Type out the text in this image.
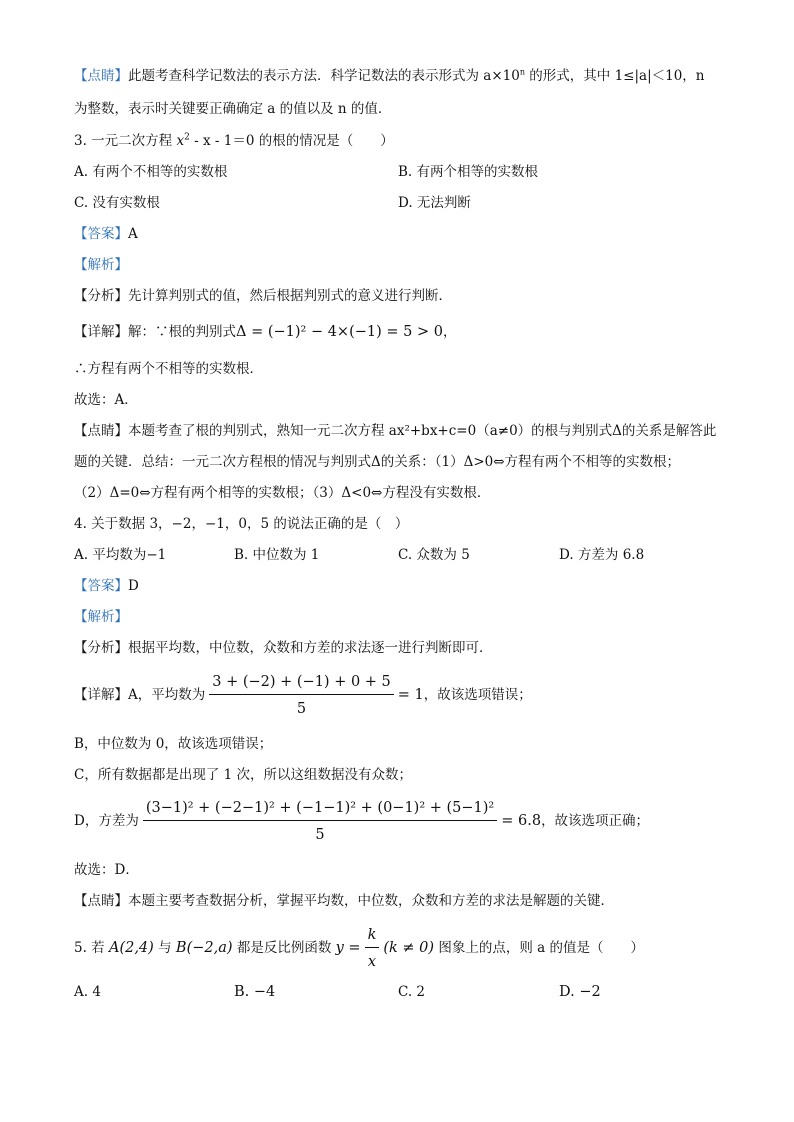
【点睛】此题考查科学记数法的表示方法．科学记数法的表示形式为 $a\times 10^n$ 的形式，其中 1≤|a|＜10，n
为整数，表示时关键要正确确定 a 的值以及 n 的值．
3. 一元二次方程 $x^2 - x - 1=0$ 的根的情况是（　　）
A. 有两个不相等的实数根	B. 有两个相等的实数根
C. 没有实数根	D. 无法判断
【答案】A
【解析】
【分析】先计算判别式的值，然后根据判别式的意义进行判断．
【详解】解：∵根的判别式Δ = (−1)² − 4×(−1) = 5 > 0，
∴方程有两个不相等的实数根．
故选：A．
【点睛】本题考查了根的判别式，熟知一元二次方程 ax²+bx+c=0（a≠0）的根与判别式Δ的关系是解答此
题的关键．总结：一元二次方程根的情况与判别式Δ的关系：（1）Δ>0⇔方程有两个不相等的实数根；
（2）Δ=0⇔方程有两个相等的实数根；（3）Δ<0⇔方程没有实数根．
4. 关于数据 3，−2，−1，0，5 的说法正确的是（　）
A. 平均数为−1	B. 中位数为 1	C. 众数为 5	D. 方差为 6.8
【答案】D
【解析】
【分析】根据平均数，中位数，众数和方差的求法逐一进行判断即可．
【详解】A，平均数为 $\frac{3 + (-2) + (-1) + 0 + 5}{5} = 1$，故该选项错误；
B，中位数为 0，故该选项错误；
C，所有数据都是出现了 1 次，所以这组数据没有众数；
D，方差为 $\frac{\text{(3−1)² + (−2−1)² + (−1−1)² + (0−1)² + (5−1)²}}{5} = 6.8$，故该选项正确；
故选：D．
【点睛】本题主要考查数据分析，掌握平均数，中位数，众数和方差的求法是解题的关键．
5. 若 A(2,4) 与 B(−2,a) 都是反比例函数 $y = \frac{k}{x} (k \ne 0)$ 图象上的点，则 a 的值是（　　）
A. 4	B. −4	C. 2	D. −2
